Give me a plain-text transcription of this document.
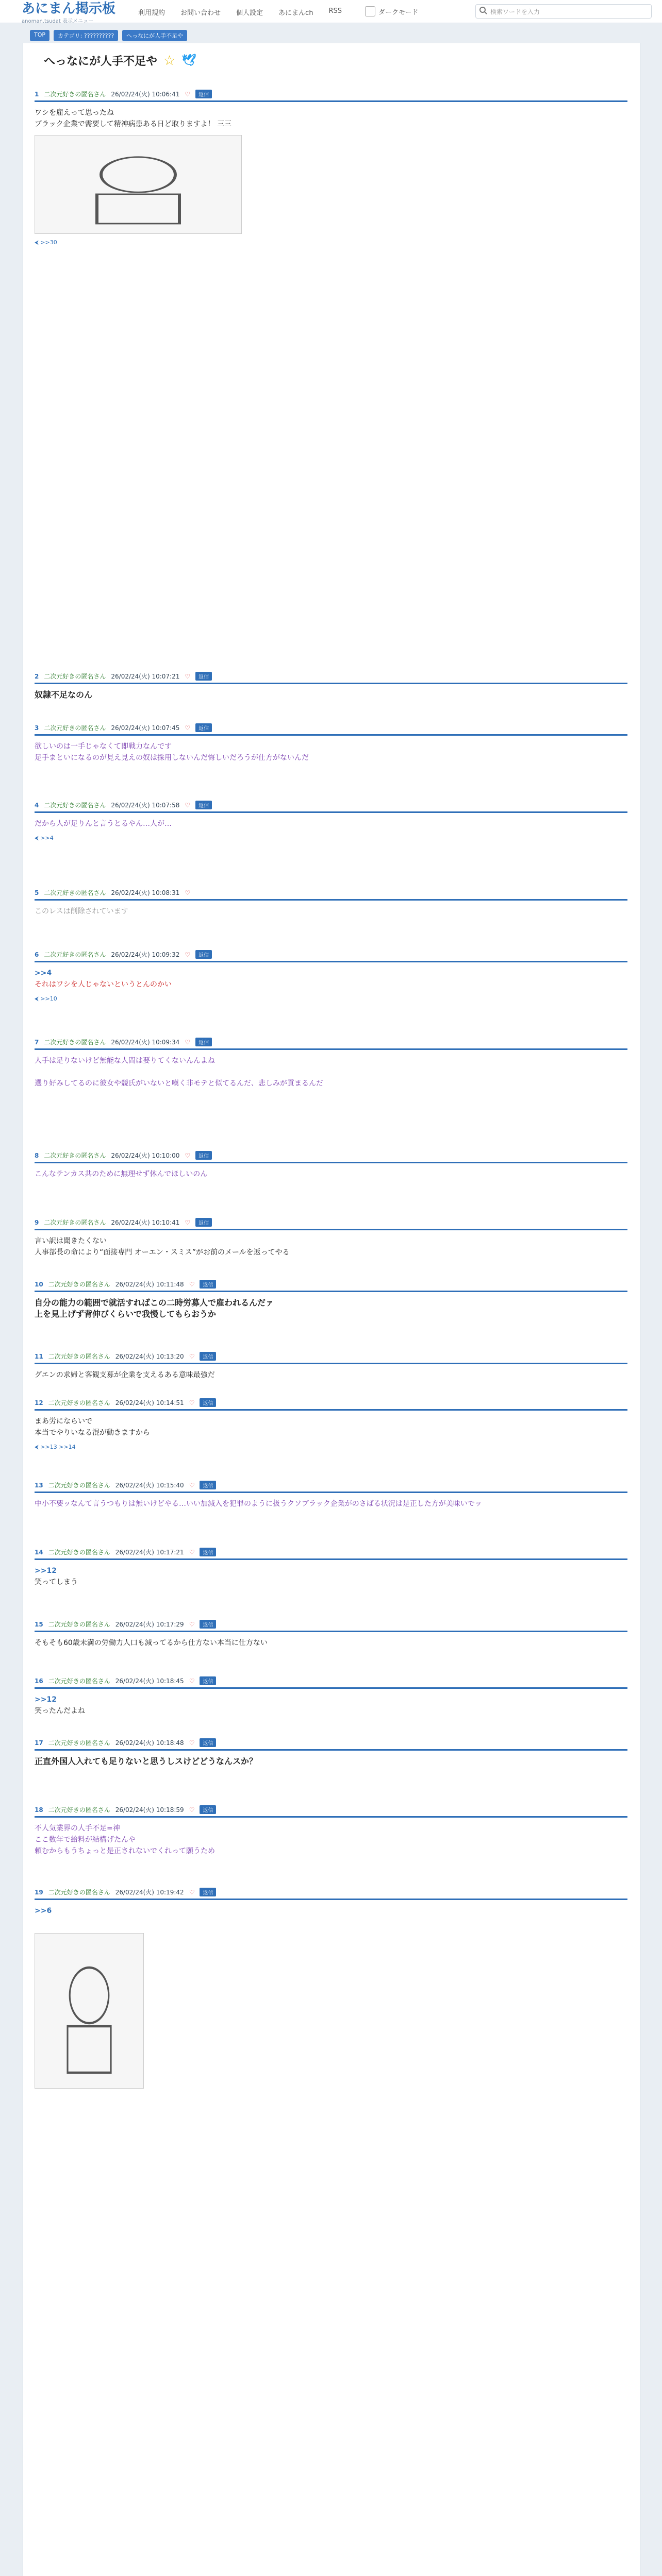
あにまん掲示板
anoman.tsudat 表示メニュー
利用規約 お問い合わせ 個人設定 あにまんch RSS	ダークモード	検索ワードを入力
TOP	カテゴリ: ??????????	へっなにが人手不足や
へっなにが人手不足や ☆ 🕊
1 二次元好きの匿名さん 26/02/24(火) 10:06:41 ♡	返信
ワシを雇えって思ったね
ブラック企業で需要して精神病患ある日ど取りますよ！ 三三
⮜ >>30
2 二次元好きの匿名さん 26/02/24(火) 10:07:21 ♡	返信
奴隷不足なのん
3 二次元好きの匿名さん 26/02/24(火) 10:07:45 ♡	返信
欲しいのは一手じゃなくて即戦力なんです
足手まといになるのが見え見えの奴は採用しないんだ悔しいだろうが仕方がないんだ
4 二次元好きの匿名さん 26/02/24(火) 10:07:58 ♡	返信
だから人が足りんと言うとるやん…人が…
⮜ >>4
5 二次元好きの匿名さん 26/02/24(火) 10:08:31 ♡
このレスは削除されています
6 二次元好きの匿名さん 26/02/24(火) 10:09:32 ♡	返信
>>4
それはワシを人じゃないというとんのかい
⮜ >>10
7 二次元好きの匿名さん 26/02/24(火) 10:09:34 ♡	返信
人手は足りないけど無能な人間は要りてくないんんよね

選り好みしてるのに彼女や競氏がいないと嘆く非モテと似てるんだ、悲しみが貢まるんだ
8 二次元好きの匿名さん 26/02/24(火) 10:10:00 ♡	返信
こんなテンカス共のために無理せず休んでほしいのん
9 二次元好きの匿名さん 26/02/24(火) 10:10:41 ♡	返信
言い訳は聞きたくない
人事部長の命により“面接専門 オーエン・スミス”がお前のメールを返ってやる
10 二次元好きの匿名さん 26/02/24(火) 10:11:48 ♡	返信
自分の能力の範囲で就活すればこの二時労募人で雇われるんだァ
上を見上げず背伸びくらいで我慢してもらおうか
11 二次元好きの匿名さん 26/02/24(火) 10:13:20 ♡	返信
グエンの求婦と客観支募が企業を支えるある意味最強だ
12 二次元好きの匿名さん 26/02/24(火) 10:14:51 ♡	返信
まあ労にならいで
本当でやりいなる混が動きますから
⮜ >>13 >>14
13 二次元好きの匿名さん 26/02/24(火) 10:15:40 ♡	返信
中小不要ッなんて言うつもりは無いけどやる…いい加減入を犯罪のように扱うクソブラック企業がのさばる状況は是正した方が美味いでッ
14 二次元好きの匿名さん 26/02/24(火) 10:17:21 ♡	返信
>>12
笑ってしまう
15 二次元好きの匿名さん 26/02/24(火) 10:17:29 ♡	返信
そもそも60歳未満の労働力人口も減ってるから仕方ない本当に仕方ない
16 二次元好きの匿名さん 26/02/24(火) 10:18:45 ♡	返信
>>12
笑ったんだよね
17 二次元好きの匿名さん 26/02/24(火) 10:18:48 ♡	返信
正直外国人入れても足りないと思うしスけどどうなんスか？
18 二次元好きの匿名さん 26/02/24(火) 10:18:59 ♡	返信
不人気業界の人手不足=神
ここ数年で給料が結構げたんや
頼むからもうちょっと是正されないでくれって願うため
19 二次元好きの匿名さん 26/02/24(火) 10:19:42 ♡	返信
>>6
